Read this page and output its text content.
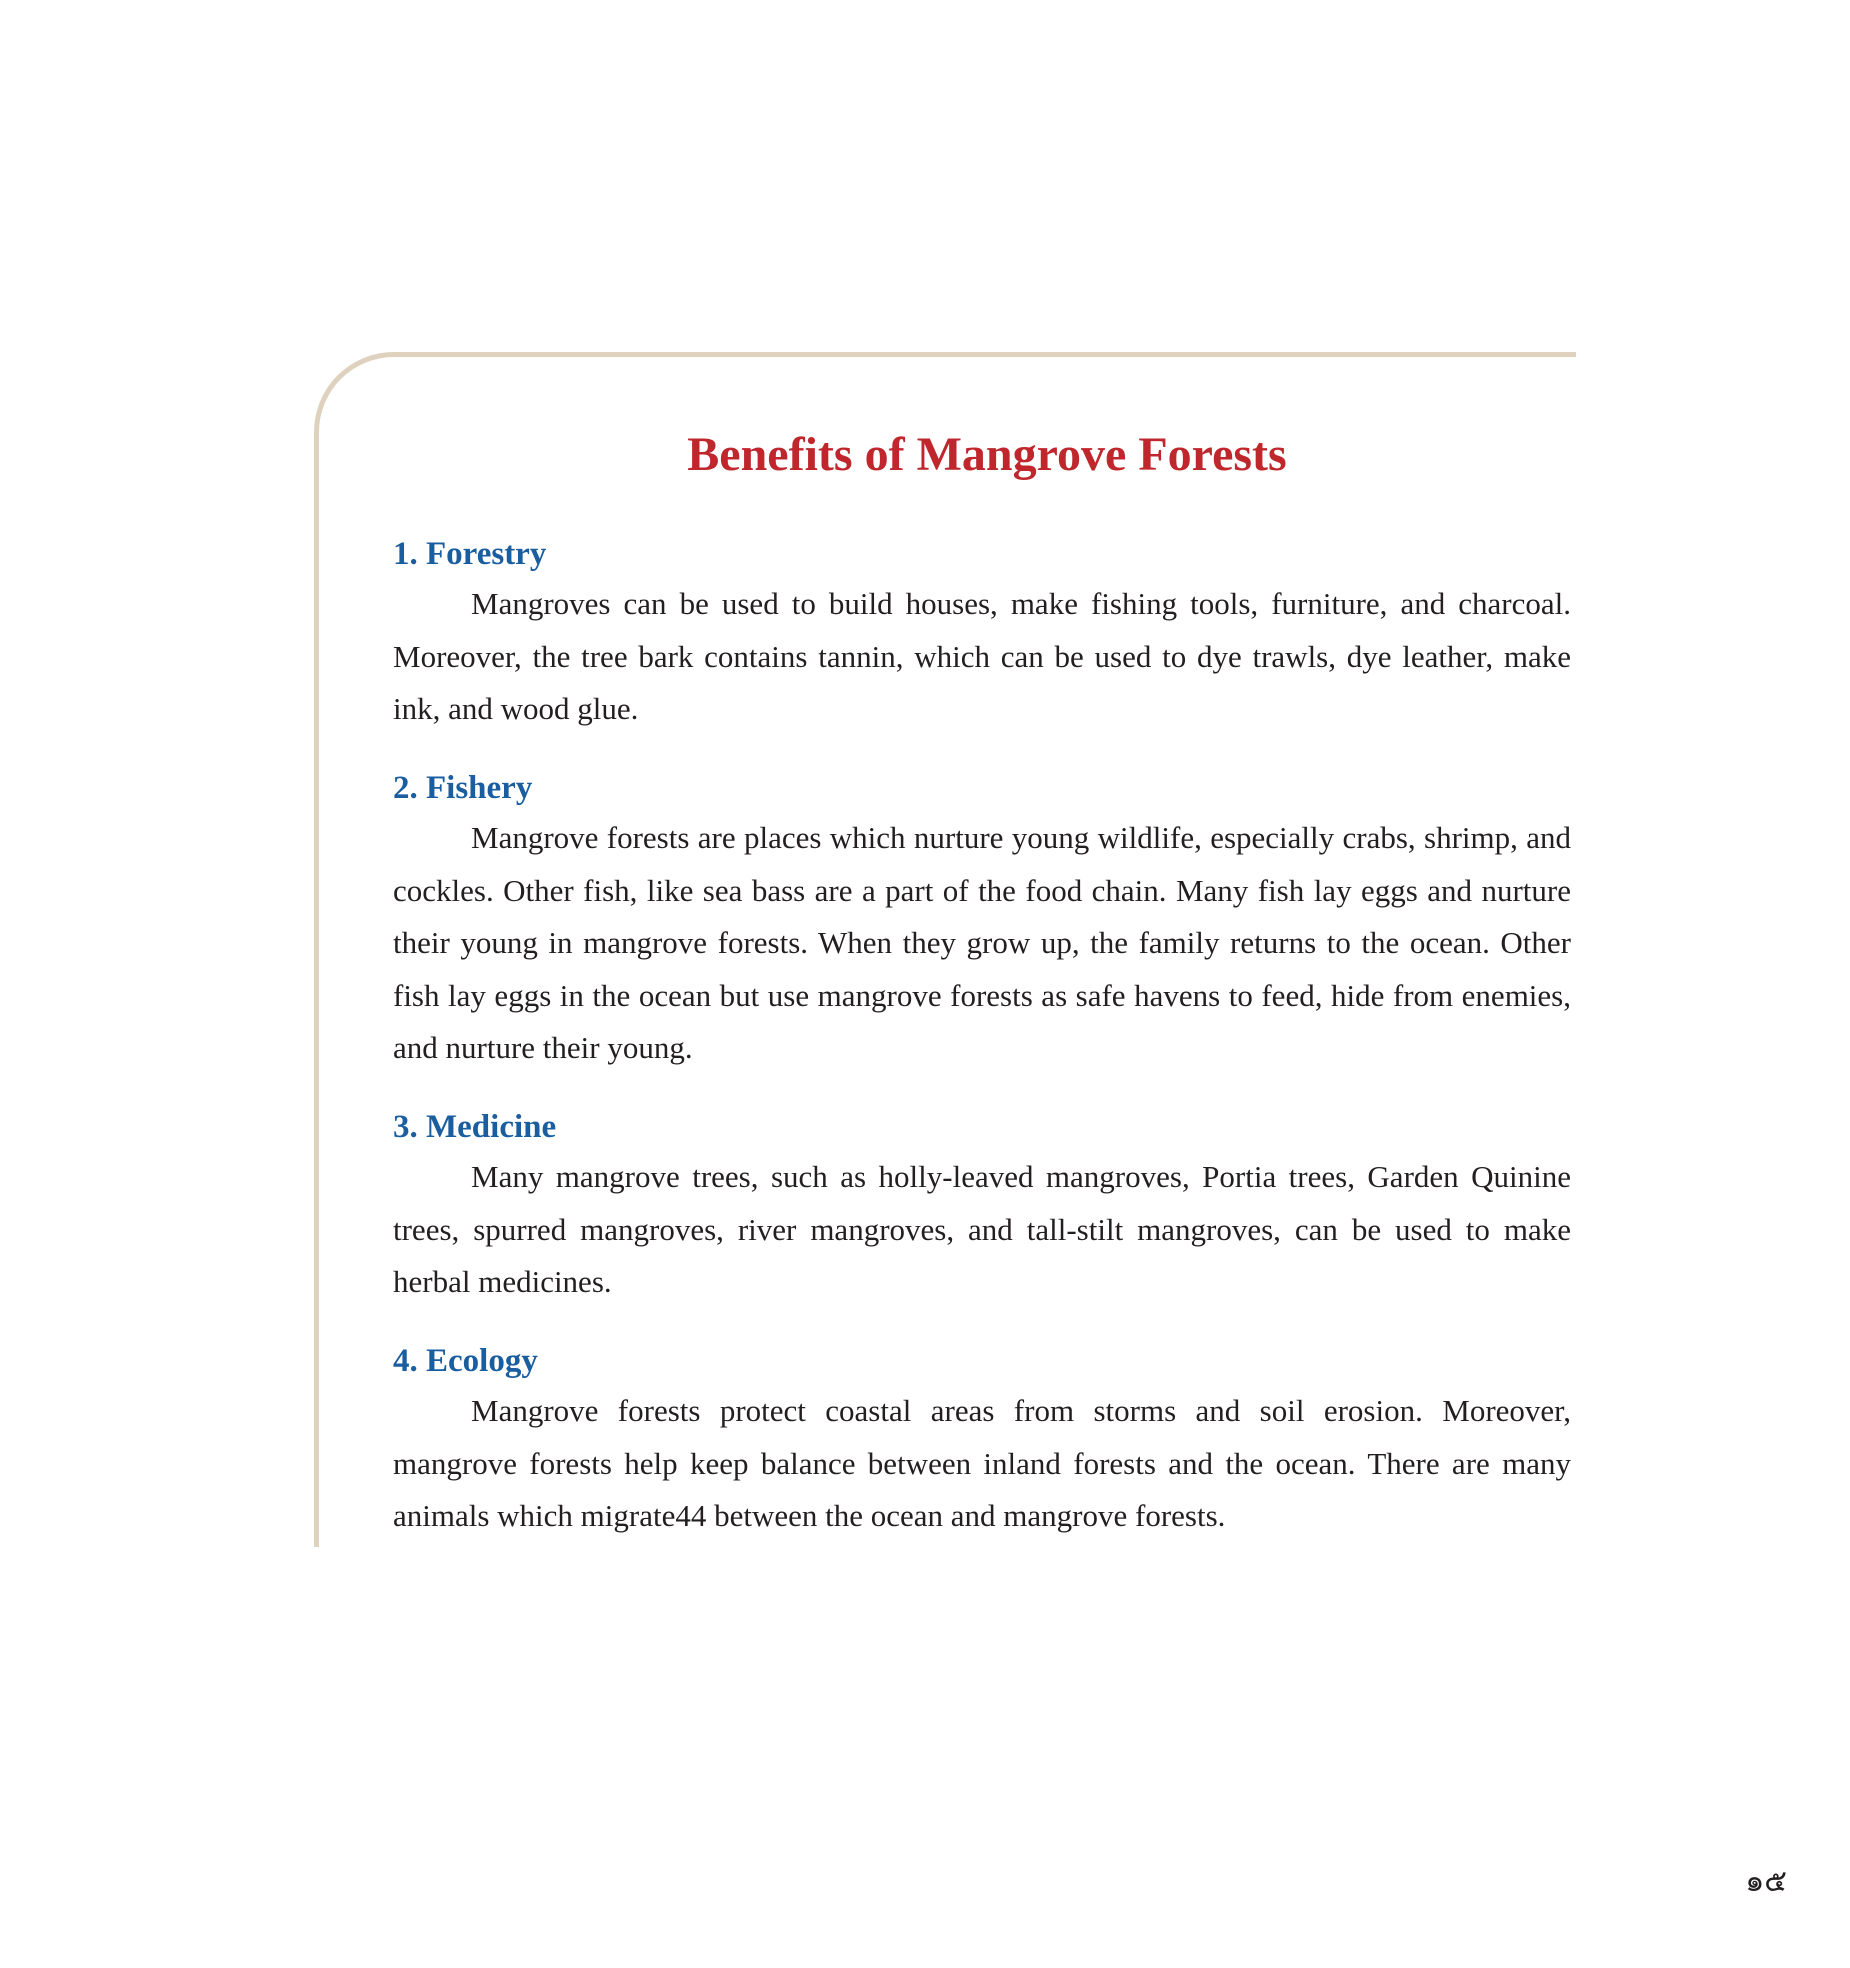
Benefits of Mangrove Forests
1. Forestry

Mangroves can be used to build houses, make fishing tools, furniture, and charcoal. Moreover, the tree bark contains tannin, which can be used to dye trawls, dye leather, make ink, and wood glue.

2. Fishery

Mangrove forests are places which nurture young wildlife, especially crabs, shrimp, and cockles. Other fish, like sea bass are a part of the food chain. Many fish lay eggs and nurture their young in mangrove forests. When they grow up, the family returns to the ocean. Other fish lay eggs in the ocean but use mangrove forests as safe havens to feed, hide from enemies, and nurture their young.

3. Medicine

Many mangrove trees, such as holly-leaved mangroves, Portia trees, Garden Quinine trees, spurred mangroves, river mangroves, and tall-stilt mangroves, can be used to make herbal medicines.

4. Ecology

Mangrove forests protect coastal areas from storms and soil erosion. Moreover, mangrove forests help keep balance between inland forests and the ocean. There are many animals which migrate44 between the ocean and mangrove forests.

๑๕
